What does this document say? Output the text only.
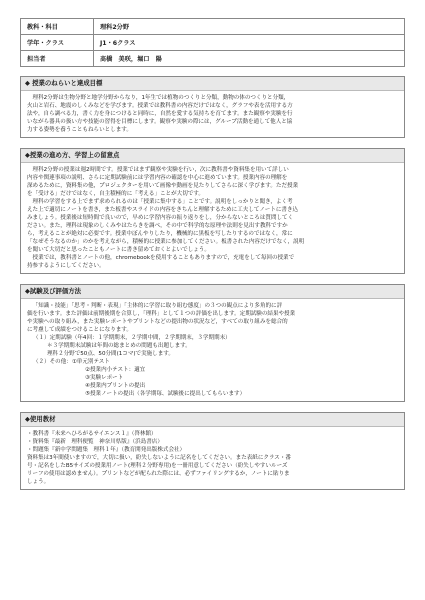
教科・科目	理科2分野
学年・クラス	J1・6クラス
担当者	髙橋　美咲，堀口　陽
◆ 授業のねらいと達成目標

理科2分野は生物分野と地学分野からなり，1年生では植物のつくりと分類，動物の体のつくりと分類，

火山と岩石、地震のしくみなどを学びます。授業では教科書の内容だけではなく，グラフや表を活用する方

法や，自ら調べる力，書く力を身につけると同時に，自然を愛する気持ちを育てます。また観察や実験を行

いながら器具の扱い方や技能の習得を目標にします。観察や実験の際には，グループ活動を通して他人と協

力する姿勢を養うこともねらいとします。

◆授業の進め方、学習上の留意点

理科2分野の授業は週2時間です。授業ではまず観察や実験を行い，次に教科書や資料集を用いて詳しい

内容や関連事項の説明、さらに定期試験前には学習内容の確認を中心に進めています。授業内容の理解を

深めるために，資料集の他，プロジェクターを用いて画像や動画を見たりしてさらに深く学びます。ただ授業

を「受ける」だけではなく，自主積極的に「考える」ことが大切です。

理科の学習をする上でまず求められるのは「授業に集中する」ことです。説明をしっかりと聞き，よく考

えた上で適切にノートを書き，また板書やスライドの内容をきちんと理解するために工夫してノートに書き込

みましょう。授業後は短時間で良いので，早めに学習内容の振り返りをし，分からないところは質問してく

ださい。また，理科は現象のしくみやはたらきを調べ，その中で科学的な原理や法則を見出す教科ですか

ら，考えることが絶対に必要です。授業中ぼんやりしたり，機械的に黒板を写したりするのではなく，常に

「なぜそうなるのか」のかを考えながら，積極的に授業に参加してください。板書された内容だけでなく，説明

を聞いて大切だと思ったこともノートに書き留めておくとよいでしょう。

授業では，教科書とノートの他，chromebookを使用することもありますので，充電をして毎回の授業で

持参するようにしてください。

◆試験及び評価方法

「知識・技能」「思考・判断・表現」「主体的に学習に取り組む態度」の３つの観点により多角的に評

価を行います。また評価は前期後期を合算し，「理科」として１つの評価を出します。定期試験の結果や授業

や実験への取り組み，また実験レポートやプリントなどの提出物の状況など，すべての取り組みを総合的

に考慮して成績をつけることになります。

（１）定期試験（年4回：１学期期末，２学期中間，２学期期末，３学期期末）

＊３学期期末試験は年間の総まとめの問題も出題します。

理科２分野で50点、50分間(1コマ)で実施します。

（２）その他：①単元別テスト

②授業内小テスト：適宜

③実験レポート

④授業内プリントの提出

⑤授業ノートの提出（各学期毎、試験後に提出してもらいます）

◆使用教材

・教科書『未来へひろがるサイエンス１』（啓林館）

・資料集『最新　理科便覧　神奈川県版』（浜島書店）

・問題集『新中学問題集　理科１年』（教育開発出版株式会社）

資料集は3年間使いますので，大切に扱い，紛失しないように記名をしてください。また表紙にクラス・番

号・記名をしたB5サイズの授業用ノート(理科２分野専用)を一冊用意してください（紛失しやすいルーズ

リーフの使用は認めません）。プリントなどが配られた際には、必ずファイリングするか，ノートに貼りま

しょう。
